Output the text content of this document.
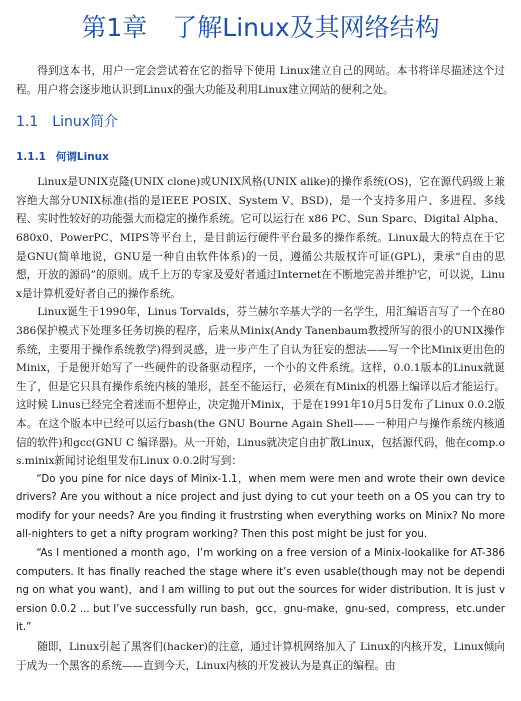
第1章　了解Linux及其网络结构

得到这本书，用户一定会尝试着在它的指导下使用 Linux建立自己的网站。本书将详尽描述这个过程。用户将会逐步地认识到Linux的强大功能及利用Linux建立网站的便利之处。

1.1 Linux简介
1.1.1 何谓Linux

Linux是UNIX克隆(UNIX clone)或UNIX风格(UNIX alike)的操作系统(OS)，它在源代码级上兼容绝大部分UNIX标准(指的是IEEE POSIX、System V、BSD)，是一个支持多用户、多进程、多线程、实时性较好的功能强大而稳定的操作系统。它可以运行在 x86 PC、Sun Sparc、Digital Alpha、680x0、PowerPC、MIPS等平台上，是目前运行硬件平台最多的操作系统。Linux最大的特点在于它是GNU(简单地说，GNU是一种自由软件体系)的一员，遵循公共版权许可证(GPL)，秉承“自由的思想，开放的源码”的原则。成千上万的专家及爱好者通过Internet在不断地完善并维护它，可以说，Linux是计算机爱好者自己的操作系统。

Linux诞生于1990年，Linus Torvalds，芬兰赫尔辛基大学的一名学生，用汇编语言写了一个在80386保护模式下处理多任务切换的程序，后来从Minix(Andy Tanenbaum教授所写的很小的UNIX操作系统，主要用于操作系统教学)得到灵感，进一步产生了自认为狂妄的想法——写一个比Minix更出色的Minix，于是便开始写了一些硬件的设备驱动程序，一个小的文件系统。这样，0.0.1版本的Linux就诞生了，但是它只具有操作系统内核的雏形，甚至不能运行，必须在有Minix的机器上编译以后才能运行。这时候 Linus已经完全着迷而不想停止，决定抛开Minix，于是在1991年10月5日发布了Linux 0.0.2版本。在这个版本中已经可以运行bash(the GNU Bourne Again Shell——一种用户与操作系统内核通信的软件)和gcc(GNU C 编译器)。从一开始，Linus就决定自由扩散Linux，包括源代码，他在comp.os.minix新闻讨论组里发布Linux 0.0.2时写到：

“Do you pine for nice days of Minix-1.1，when mem were men and wrote their own device drivers? Are you without a nice project and just dying to cut your teeth on a OS you can try to modify for your needs? Are you finding it frustrsting when everything works on Minix? No more all-nighters to get a nifty program working? Then this post might be just for you.

“As I mentioned a month ago，I’m working on a free version of a Minix-lookalike for AT-386 computers. It has finally reached the stage where it’s even usable(though may not be depending on what you want)，and I am willing to put out the sources for wider distribution. It is just version 0.0.2 ... but I’ve successfully run bash，gcc，gnu-make，gnu-sed，compress，etc.under it.”

随即，Linux引起了黑客们(hacker)的注意，通过计算机网络加入了 Linux的内核开发，Linux倾向于成为一个黑客的系统——直到今天，Linux内核的开发被认为是真正的编程。由
